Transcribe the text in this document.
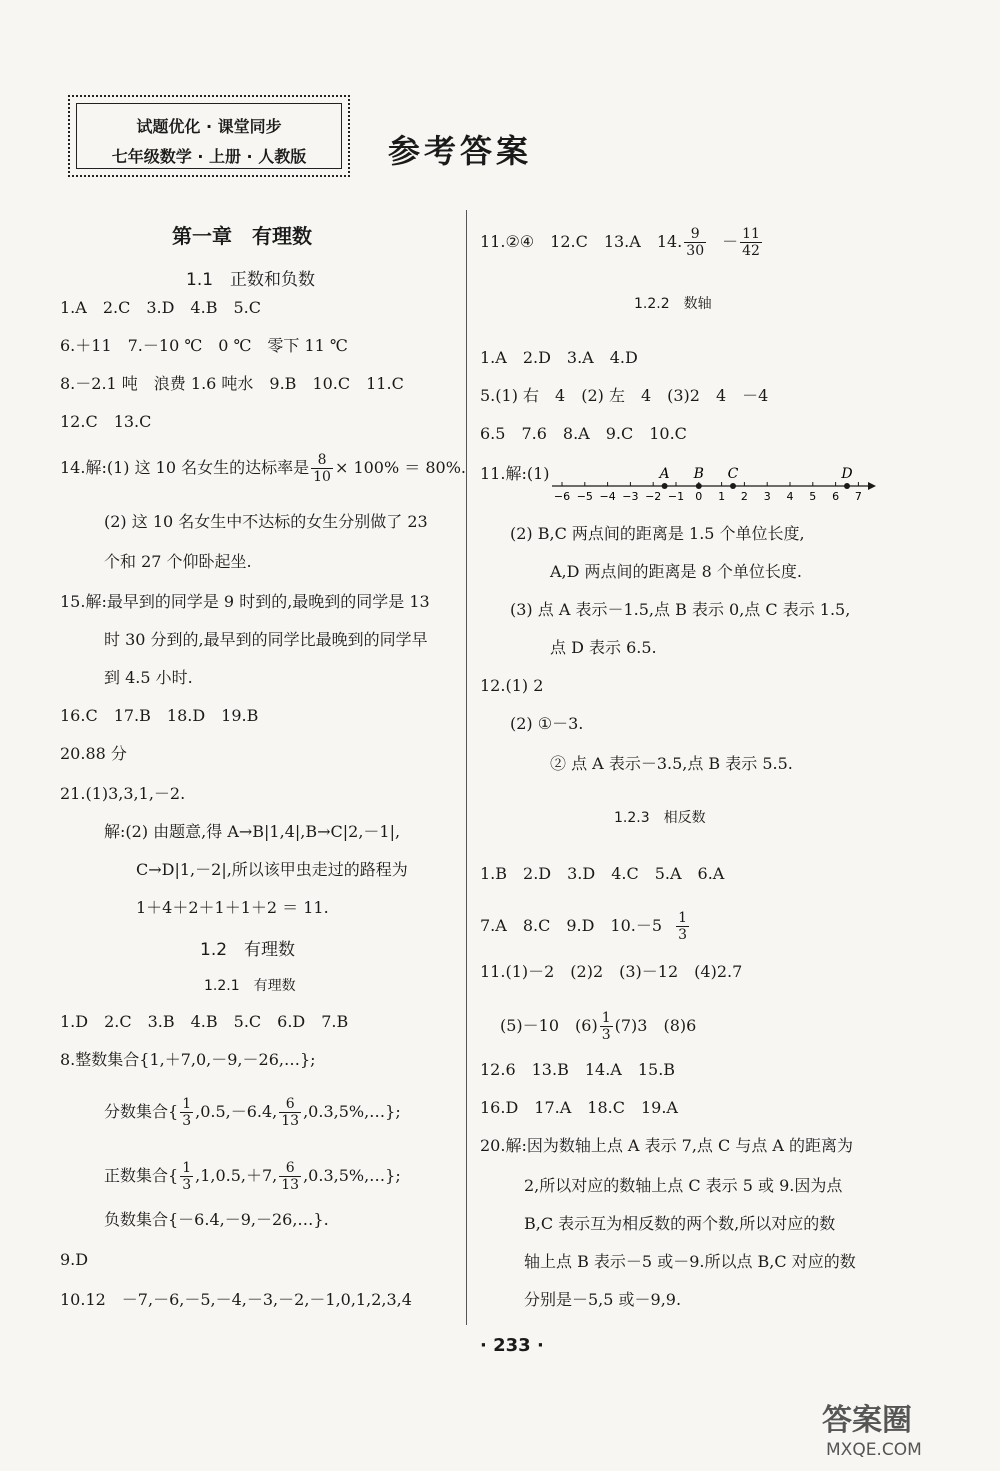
试题优化 · 课堂同步
七年级数学 · 上册 · 人教版	参考答案
第一章　有理数
1.1　正数和负数
1.A　2.C　3.D　4.B　5.C
6.＋11　7.－10 ℃　0 ℃　零下 11 ℃
8.－2.1 吨　浪费 1.6 吨水　9.B　10.C　11.C
12.C　13.C
14.解:(1) 这 10 名女生的达标率是 $\frac{8}{10} \times 100\% = 80\%$.
(2) 这 10 名女生中不达标的女生分别做了 23
个和 27 个仰卧起坐.
15.解:最早到的同学是 9 时到的,最晚到的同学是 13
时 30 分到的,最早到的同学比最晚到的同学早
到 4.5 小时.
16.C　17.B　18.D　19.B
20.88 分
21.(1)3,3,1,－2.
解:(2) 由题意,得 A→B|1,4|,B→C|2,－1|,
C→D|1,－2|,所以该甲虫走过的路程为
1＋4＋2＋1＋1＋2 ＝ 11.
1.2　有理数
1.2.1　有理数
1.D　2.C　3.B　4.B　5.C　6.D　7.B
8.整数集合{1,＋7,0,－9,－26,…};
分数集合{ $\frac{1}{3} ,0.5,-6.4$, $\frac{6}{13}$ ,0.3,5%,…};
正数集合{ $\frac{1}{3} ,1,0.5,+7$, $\frac{6}{13}$ ,0.3,5%,…};
负数集合{－6.4,－9,－26,…}.
9.D
10.12　－7,－6,－5,－4,－3,－2,－1,0,1,2,3,4
11.②④　12.C　13.A　14. $\frac{9}{30} - \frac{11}{42}$
1.2.2　数轴
1.A　2.D　3.A　4.D
5.(1) 右　4　(2) 左　4　(3)2　4　－4
6.5　7.6　8.A　9.C　10.C
11.解:(1)
−6 −5 −4 −3 −2 −1 0 1 2 3 4 5 6 7
A B C	D
(2) B,C 两点间的距离是 1.5 个单位长度,
A,D 两点间的距离是 8 个单位长度.
(3) 点 A 表示－1.5,点 B 表示 0,点 C 表示 1.5,
点 D 表示 6.5.
12.(1) 2
(2) ①－3.
② 点 A 表示－3.5,点 B 表示 5.5.
1.2.3　相反数
1.B　2.D　3.D　4.C　5.A　6.A
7.A　8.C　9.D　$10.-5 \frac{1}{3}$
11.(1)－2　(2)2　(3)－12　(4)2.7
(5)－10　$(6) \frac{1}{3} (7)3$　(8)6
12.6　13.B　14.A　15.B
16.D　17.A　18.C　19.A
20.解:因为数轴上点 A 表示 7,点 C 与点 A 的距离为
2,所以对应的数轴上点 C 表示 5 或 9.因为点
B,C 表示互为相反数的两个数,所以对应的数
轴上点 B 表示－5 或－9.所以点 B,C 对应的数
分别是－5,5 或－9,9.
· 233 ·
答案圈
MXQE.COM
